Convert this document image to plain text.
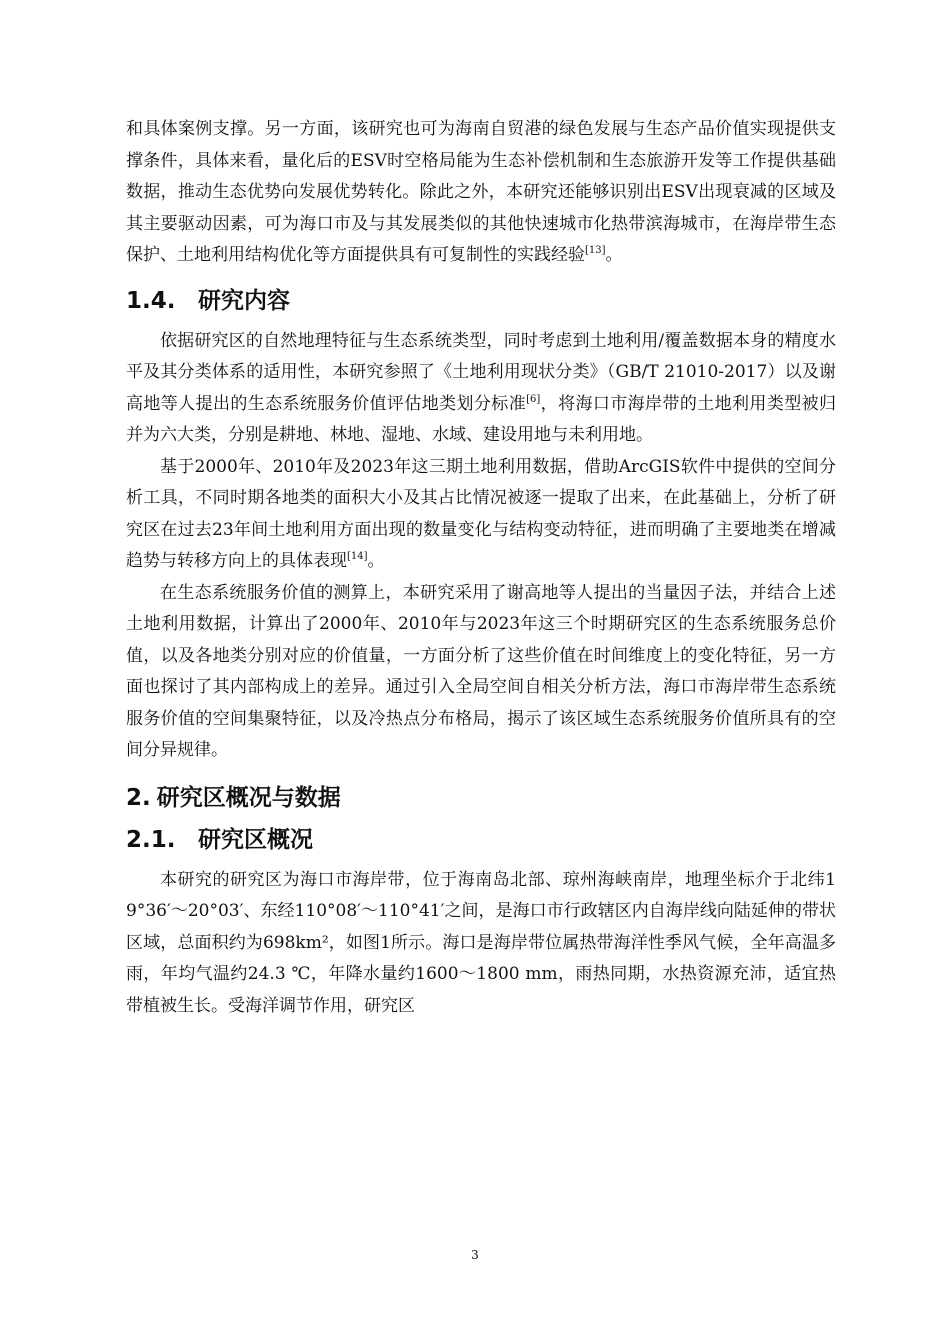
和具体案例支撑。另一方面，该研究也可为海南自贸港的绿色发展与生态产品价值实现提供支撑条件，具体来看，量化后的ESV时空格局能为生态补偿机制和生态旅游开发等工作提供基础数据，推动生态优势向发展优势转化。除此之外，本研究还能够识别出ESV出现衰减的区域及其主要驱动因素，可为海口市及与其发展类似的其他快速城市化热带滨海城市，在海岸带生态保护、土地利用结构优化等方面提供具有可复制性的实践经验[13]。

1.4. 研究内容

依据研究区的自然地理特征与生态系统类型，同时考虑到土地利用/覆盖数据本身的精度水平及其分类体系的适用性，本研究参照了《土地利用现状分类》（GB/T 21010-2017）以及谢高地等人提出的生态系统服务价值评估地类划分标准[6]，将海口市海岸带的土地利用类型被归并为六大类，分别是耕地、林地、湿地、水域、建设用地与未利用地。

基于2000年、2010年及2023年这三期土地利用数据，借助ArcGIS软件中提供的空间分析工具，不同时期各地类的面积大小及其占比情况被逐一提取了出来，在此基础上，分析了研究区在过去23年间土地利用方面出现的数量变化与结构变动特征，进而明确了主要地类在增减趋势与转移方向上的具体表现[14]。

在生态系统服务价值的测算上，本研究采用了谢高地等人提出的当量因子法，并结合上述土地利用数据，计算出了2000年、2010年与2023年这三个时期研究区的生态系统服务总价值，以及各地类分别对应的价值量，一方面分析了这些价值在时间维度上的变化特征，另一方面也探讨了其内部构成上的差异。通过引入全局空间自相关分析方法，海口市海岸带生态系统服务价值的空间集聚特征，以及冷热点分布格局，揭示了该区域生态系统服务价值所具有的空间分异规律。

2. 研究区概况与数据
2.1. 研究区概况

本研究的研究区为海口市海岸带，位于海南岛北部、琼州海峡南岸，地理坐标介于北纬19°36′～20°03′、东经110°08′～110°41′之间，是海口市行政辖区内自海岸线向陆延伸的带状区域，总面积约为698km²，如图1所示。海口是海岸带位属热带海洋性季风气候，全年高温多雨，年均气温约24.3 ℃，年降水量约1600～1800 mm，雨热同期，水热资源充沛，适宜热带植被生长。受海洋调节作用，研究区

3
